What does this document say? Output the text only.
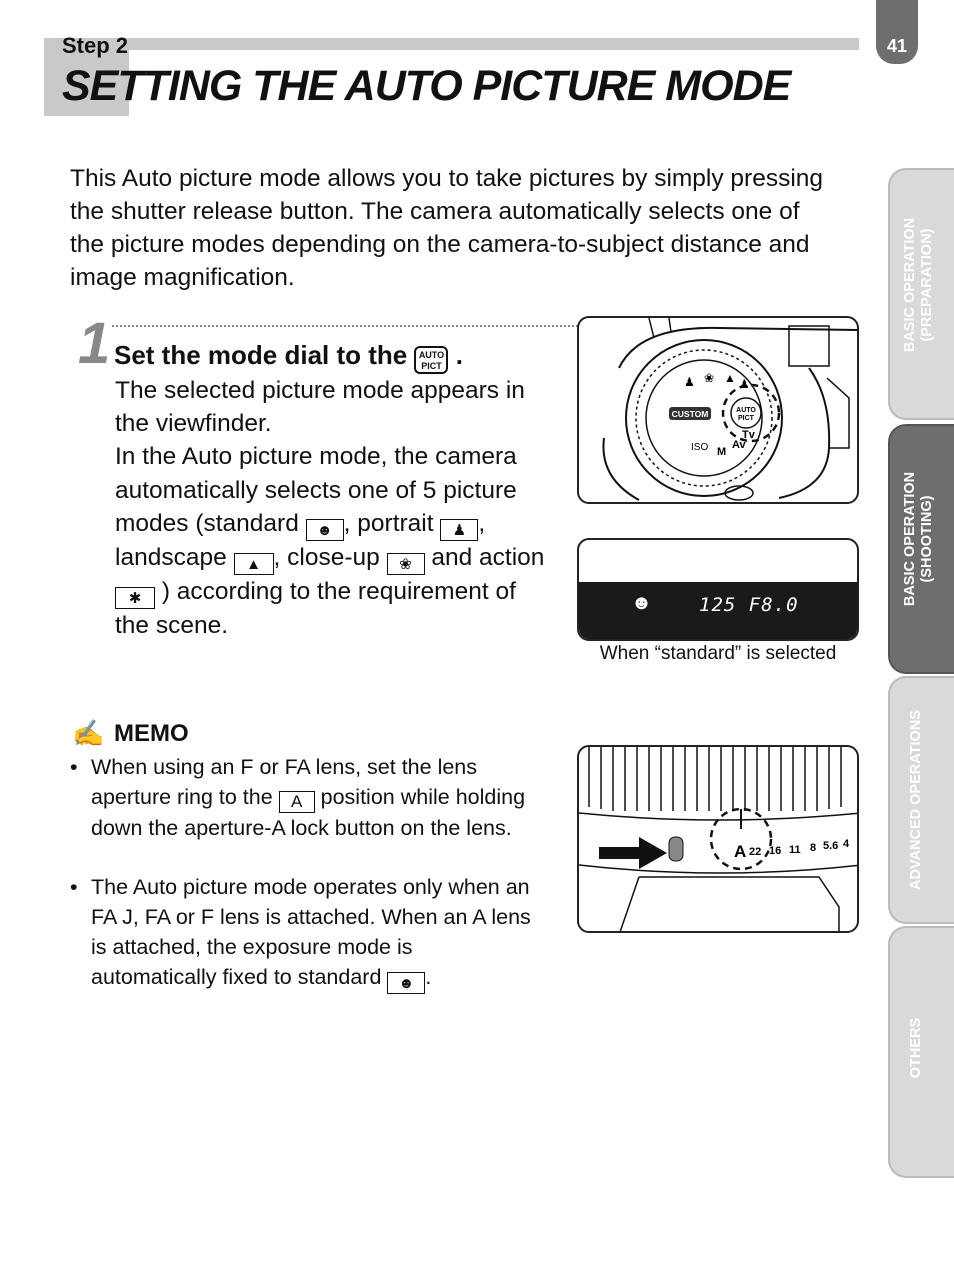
Step 2
SETTING THE AUTO PICTURE MODE
41
This Auto picture mode allows you to take pictures by simply pressing the shutter release button. The camera automatically selects one of the picture modes depending on the camera-to-subject distance and image magnification.
1 Set the mode dial to the AUTO
PICT .
The selected picture mode appears in the viewfinder.
In the Auto picture mode, the camera automatically selects one of 5 picture modes (standard ☻ , portrait ♟ , landscape ▲ , close-up ❀ and action ✱ ) according to the requirement of the scene.
✍ MEMO
• When using an F or FA lens, set the lens aperture ring to the A position while holding down the aperture-A lock button on the lens.
• The Auto picture mode operates only when an FA J, FA or F lens is attached. When an A lens is attached, the exposure mode is automatically fixed to standard ☻ .
CUSTOM	AUTO
PICT
Tv
Av
M
ISO
♟ ❀ ▲ ♟
☻ 125 F8.0
When “standard” is selected
A 22 16 11 8 5.6 4
BASIC OPERATION
(PREPARATION)
BASIC OPERATION
(SHOOTING)
ADVANCED OPERATIONS
OTHERS
